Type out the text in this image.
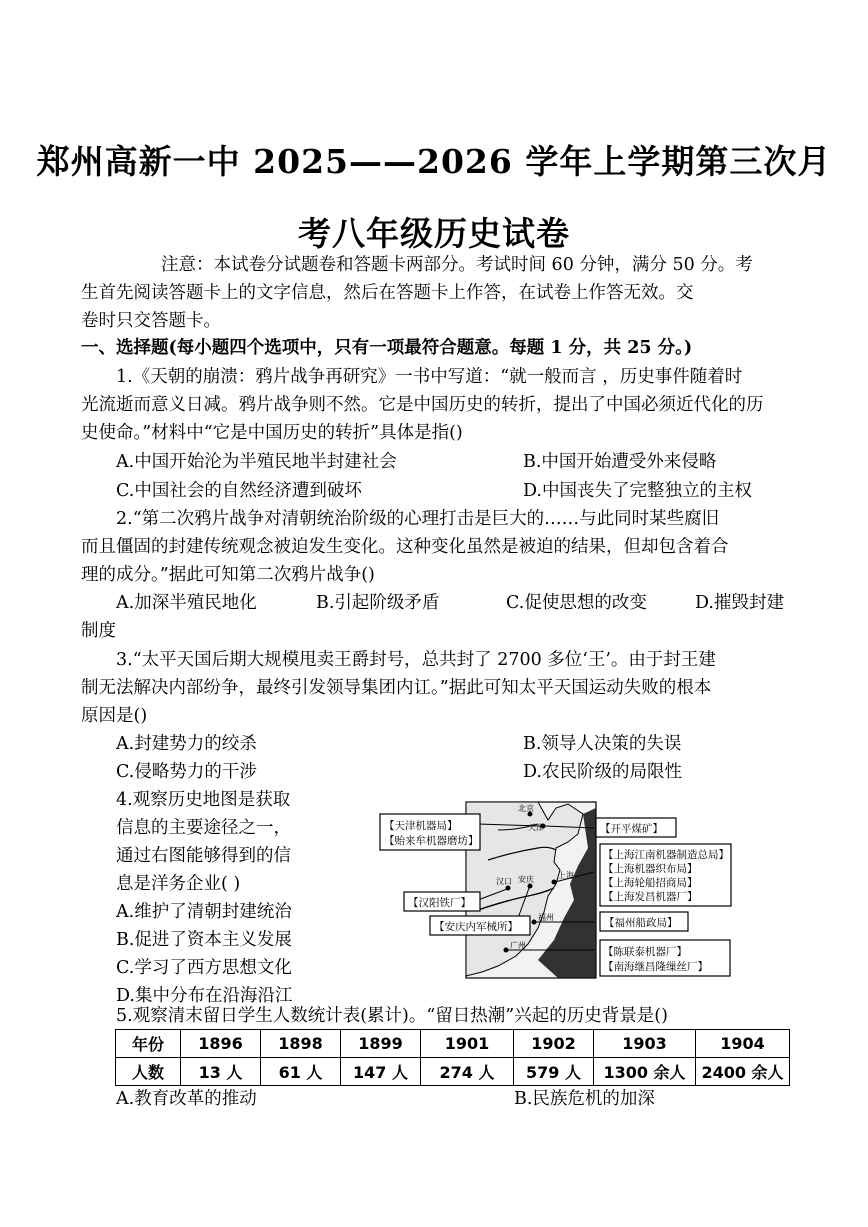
郑州高新一中 2025——2026 学年上学期第三次月
考八年级历史试卷
注意：本试卷分试题卷和答题卡两部分。考试时间 60 分钟，满分 50 分。考
生首先阅读答题卡上的文字信息，然后在答题卡上作答，在试卷上作答无效。交
卷时只交答题卡。
一、选择题(每小题四个选项中，只有一项最符合题意。每题 1 分，共 25 分。)
1.《天朝的崩溃：鸦片战争再研究》一书中写道：“就一般而言 ，历史事件随着时
光流逝而意义日减。鸦片战争则不然。它是中国历史的转折，提出了中国必须近代化的历
史使命。”材料中“它是中国历史的转折”具体是指()
A.中国开始沦为半殖民地半封建社会	B.中国开始遭受外来侵略
C.中国社会的自然经济遭到破坏	D.中国丧失了完整独立的主权
2.“第二次鸦片战争对清朝统治阶级的心理打击是巨大的……与此同时某些腐旧
而且僵固的封建传统观念被迫发生变化。这种变化虽然是被迫的结果，但却包含着合
理的成分。”据此可知第二次鸦片战争()
A.加深半殖民地化	B.引起阶级矛盾	C.促使思想的改变	D.摧毁封建
制度
3.“太平天国后期大规模甩卖王爵封号，总共封了 2700 多位‘王’。由于封王建
制无法解决内部纷争，最终引发领导集团内讧。”据此可知太平天国运动失败的根本
原因是()
A.封建势力的绞杀	B.领导人决策的失误
C.侵略势力的干涉	D.农民阶级的局限性
4.观察历史地图是获取
信息的主要途径之一，
通过右图能够得到的信
息是洋务企业( )
A.维护了清朝封建统治
B.促进了资本主义发展
C.学习了西方思想文化
D.集中分布在沿海沿江
北京
天津
汉口 安庆	上海
福州
广州
【天津机器局】
【贻来牟机器磨坊】
【开平煤矿】
【上海江南机器制造总局】
【上海机器织布局】
【上海轮船招商局】
【上海发昌机器厂】
【汉阳铁厂】
【安庆内军械所】	【福州船政局】
【陈联泰机器厂】
【南海继昌隆缫丝厂】
5.观察清末留日学生人数统计表(累计)。“留日热潮”兴起的历史背景是()
年份	1896	1898	1899	1901	1902	1903	1904
人数	13 人	61 人	147 人	274 人	579 人	1300 余人	2400 余人
A.教育改革的推动	B.民族危机的加深
